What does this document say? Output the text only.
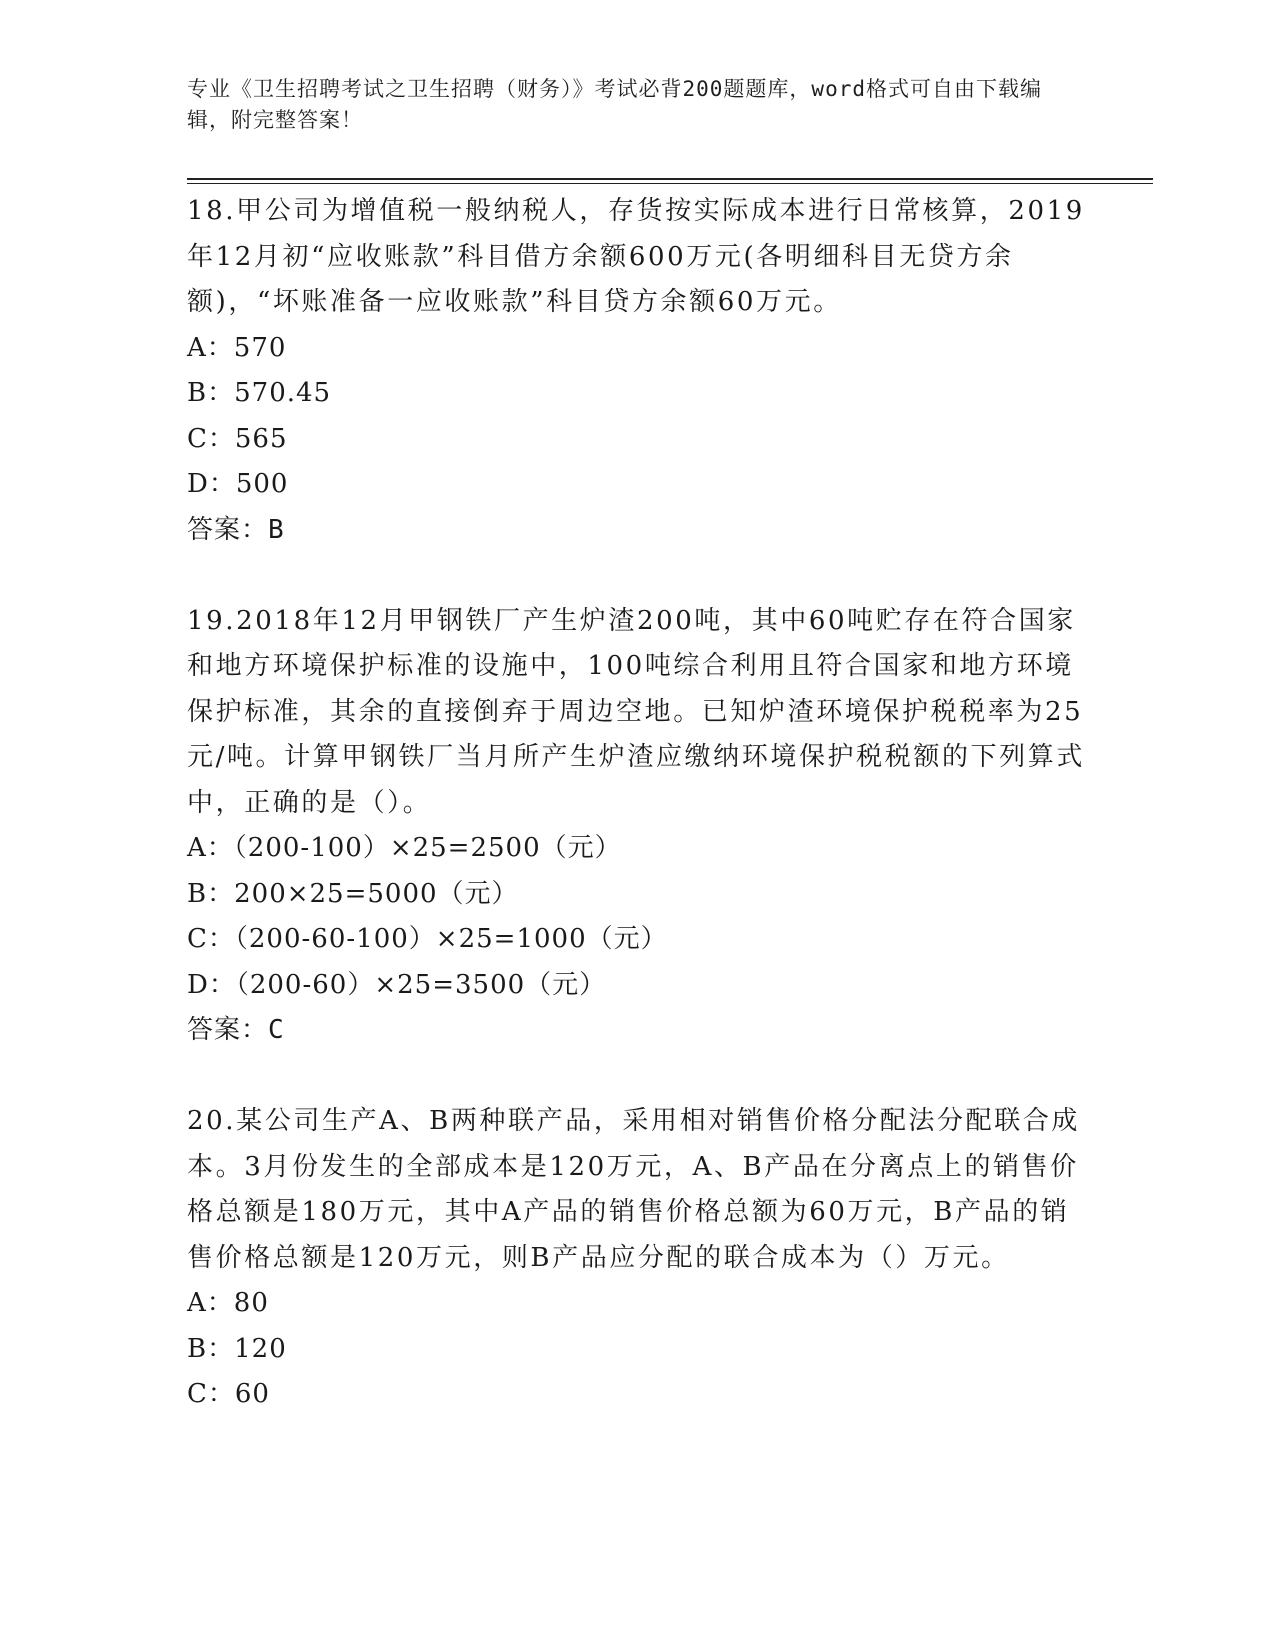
专业《卫生招聘考试之卫生招聘（财务）》考试必背200题题库，word格式可自由下载编辑，附完整答案！

18.甲公司为增值税一般纳税人，存货按实际成本进行日常核算，2019年12月初“应收账款”科目借方余额600万元(各明细科目无贷方余额)，“坏账准备一应收账款”科目贷方余额60万元。

A：570

B：570.45

C：565

D：500

答案：B

19.2018年12月甲钢铁厂产生炉渣200吨，其中60吨贮存在符合国家和地方环境保护标准的设施中，100吨综合利用且符合国家和地方环境保护标准，其余的直接倒弃于周边空地。已知炉渣环境保护税税率为25元/吨。计算甲钢铁厂当月所产生炉渣应缴纳环境保护税税额的下列算式中，正确的是（）。

A：（200-100）×25=2500（元）

B：200×25=5000（元）

C：（200-60-100）×25=1000（元）

D：（200-60）×25=3500（元）

答案：C

20.某公司生产A、B两种联产品，采用相对销售价格分配法分配联合成本。3月份发生的全部成本是120万元，A、B产品在分离点上的销售价格总额是180万元，其中A产品的销售价格总额为60万元，B产品的销售价格总额是120万元，则B产品应分配的联合成本为（）万元。

A：80

B：120

C：60
